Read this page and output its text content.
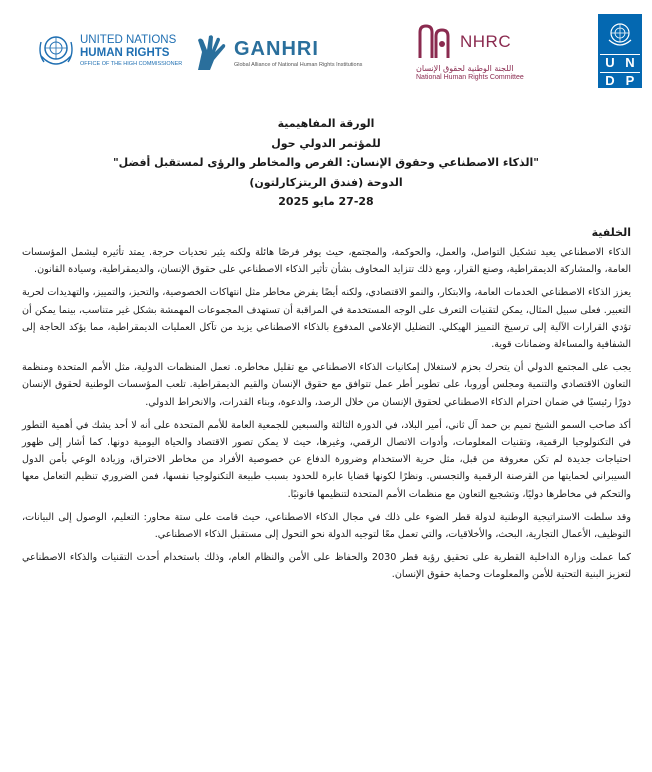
U N
D P
NHRC
اللجنة الوطنية لحقوق الإنسان
National Human Rights Committee
GANHRI
Global Alliance of National Human Rights Institutions
UNITED NATIONS
HUMAN RIGHTS
OFFICE OF THE HIGH COMMISSIONER
الورقة المفاهيمية
للمؤتمر الدولي حول
"الذكاء الاصطناعي وحقوق الإنسان: الفرص والمخاطر والرؤى لمستقبل أفضل"
الدوحة (فندق الريتزكارلتون)
27-28 مايو 2025
الخلفية

الذكاء الاصطناعي يعيد تشكيل التواصل، والعمل، والحوكمة، والمجتمع، حيث يوفر فرصًا هائلة ولكنه يثير تحديات حرجة. يمتد تأثيره ليشمل المؤسسات العامة، والمشاركة الديمقراطية، وصنع القرار، ومع ذلك تتزايد المخاوف بشأن تأثير الذكاء الاصطناعي على حقوق الإنسان، والديمقراطية، وسيادة القانون.

يعزز الذكاء الاصطناعي الخدمات العامة، والابتكار، والنمو الاقتصادي، ولكنه أيضًا يفرض مخاطر مثل انتهاكات الخصوصية، والتحيز، والتمييز، والتهديدات لحرية التعبير. فعلى سبيل المثال، يمكن لتقنيات التعرف على الوجه المستخدمة في المراقبة أن تستهدف المجموعات المهمشة بشكل غير متناسب، بينما يمكن أن تؤدي القرارات الآلية إلى ترسيخ التمييز الهيكلي. التضليل الإعلامي المدفوع بالذكاء الاصطناعي يزيد من تآكل العمليات الديمقراطية، مما يؤكد الحاجة إلى الشفافية والمساءلة وضمانات قوية.

يجب على المجتمع الدولي أن يتحرك بحزم لاستغلال إمكانيات الذكاء الاصطناعي مع تقليل مخاطره. تعمل المنظمات الدولية، مثل الأمم المتحدة ومنظمة التعاون الاقتصادي والتنمية ومجلس أوروبا، على تطوير أطر عمل تتوافق مع حقوق الإنسان والقيم الديمقراطية. تلعب المؤسسات الوطنية لحقوق الإنسان دورًا رئيسيًا في ضمان احترام الذكاء الاصطناعي لحقوق الإنسان من خلال الرصد، والدعوة، وبناء القدرات، والانخراط الدولي.

أكد صاحب السمو الشيخ تميم بن حمد آل ثاني، أمير البلاد، في الدورة الثالثة والسبعين للجمعية العامة للأمم المتحدة على أنه لا أحد يشك في أهمية التطور في التكنولوجيا الرقمية، وتقنيات المعلومات، وأدوات الاتصال الرقمي، وغيرها، حيث لا يمكن تصور الاقتصاد والحياة اليومية دونها. كما أشار إلى ظهور احتياجات جديدة لم تكن معروفة من قبل، مثل حرية الاستخدام وضرورة الدفاع عن خصوصية الأفراد من مخاطر الاختراق، وزيادة الوعي بأمن الدول السيبراني لحمايتها من القرصنة الرقمية والتجسس. ونظرًا لكونها قضايا عابرة للحدود بسبب طبيعة التكنولوجيا نفسها، فمن الضروري تنظيم التعامل معها والتحكم في مخاطرها دوليًا، وتشجيع التعاون مع منظمات الأمم المتحدة لتنظيمها قانونيًا.

وقد سلطت الاستراتيجية الوطنية لدولة قطر الضوء على ذلك في مجال الذكاء الاصطناعي، حيث قامت على ستة محاور: التعليم، الوصول إلى البيانات، التوظيف، الأعمال التجارية، البحث، والأخلاقيات، والتي تعمل معًا لتوجيه الدولة نحو التحول إلى مستقبل الذكاء الاصطناعي.

كما عملت وزارة الداخلية القطرية على تحقيق رؤية قطر 2030 والحفاظ على الأمن والنظام العام، وذلك باستخدام أحدث التقنيات والذكاء الاصطناعي لتعزيز البنية التحتية للأمن والمعلومات وحماية حقوق الإنسان.
